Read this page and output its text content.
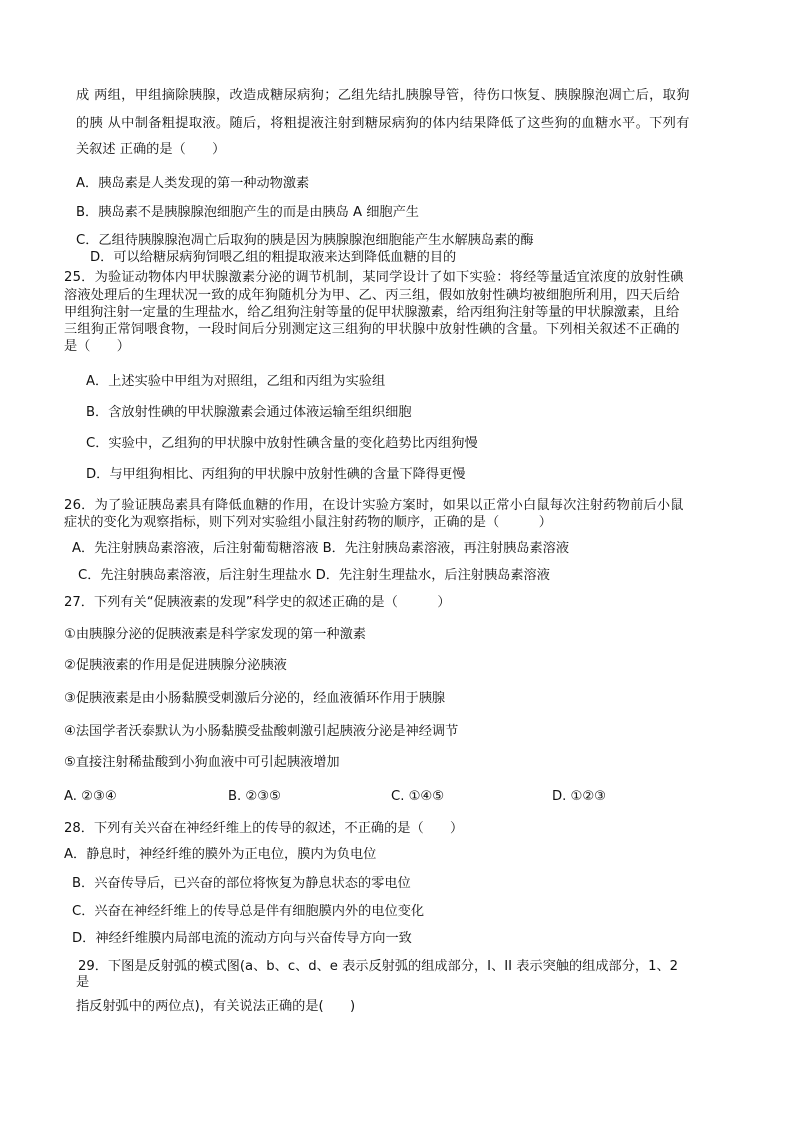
成 两组，甲组摘除胰腺，改造成糖尿病狗；乙组先结扎胰腺导管，待伤口恢复、胰腺腺泡凋亡后，取狗
的胰 从中制备粗提取液。随后，将粗提液注射到糖尿病狗的体内结果降低了这些狗的血糖水平。下列有
关叙述 正确的是（　　）
A．胰岛素是人类发现的第一种动物激素
B．胰岛素不是胰腺腺泡细胞产生的而是由胰岛 A 细胞产生
C．乙组待胰腺腺泡凋亡后取狗的胰是因为胰腺腺泡细胞能产生水解胰岛素的酶
D．可以给糖尿病狗饲喂乙组的粗提取液来达到降低血糖的目的
25．为验证动物体内甲状腺激素分泌的调节机制，某同学设计了如下实验：将经等量适宜浓度的放射性碘
溶液处理后的生理状况一致的成年狗随机分为甲、乙、丙三组，假如放射性碘均被细胞所利用，四天后给
甲组狗注射一定量的生理盐水，给乙组狗注射等量的促甲状腺激素，给丙组狗注射等量的甲状腺激素，且给
三组狗正常饲喂食物，一段时间后分别测定这三组狗的甲状腺中放射性碘的含量。下列相关叙述不正确的
是（　　）
A．上述实验中甲组为对照组，乙组和丙组为实验组
B．含放射性碘的甲状腺激素会通过体液运输至组织细胞
C．实验中，乙组狗的甲状腺中放射性碘含量的变化趋势比丙组狗慢
D．与甲组狗相比、丙组狗的甲状腺中放射性碘的含量下降得更慢
26．为了验证胰岛素具有降低血糖的作用，在设计实验方案时，如果以正常小白鼠每次注射药物前后小鼠
症状的变化为观察指标，则下列对实验组小鼠注射药物的顺序，正确的是（　　　）
A．先注射胰岛素溶液，后注射葡萄糖溶液 B．先注射胰岛素溶液，再注射胰岛素溶液
C．先注射胰岛素溶液，后注射生理盐水 D．先注射生理盐水，后注射胰岛素溶液
27．下列有关“促胰液素的发现”科学史的叙述正确的是（　　　）
①由胰腺分泌的促胰液素是科学家发现的第一种激素
②促胰液素的作用是促进胰腺分泌胰液
③促胰液素是由小肠黏膜受刺激后分泌的，经血液循环作用于胰腺
④法国学者沃泰默认为小肠黏膜受盐酸刺激引起胰液分泌是神经调节
⑤直接注射稀盐酸到小狗血液中可引起胰液增加
A. ②③④	B. ②③⑤	C. ①④⑤	D. ①②③
28．下列有关兴奋在神经纤维上的传导的叙述，不正确的是（　　）
A．静息时，神经纤维的膜外为正电位，膜内为负电位
B．兴奋传导后，已兴奋的部位将恢复为静息状态的零电位
C．兴奋在神经纤维上的传导总是伴有细胞膜内外的电位变化
D．神经纤维膜内局部电流的流动方向与兴奋传导方向一致
29．下图是反射弧的模式图(a、b、c、d、e 表示反射弧的组成部分，I、II 表示突触的组成部分，1、2
是
指反射弧中的两位点)，有关说法正确的是(　　)
